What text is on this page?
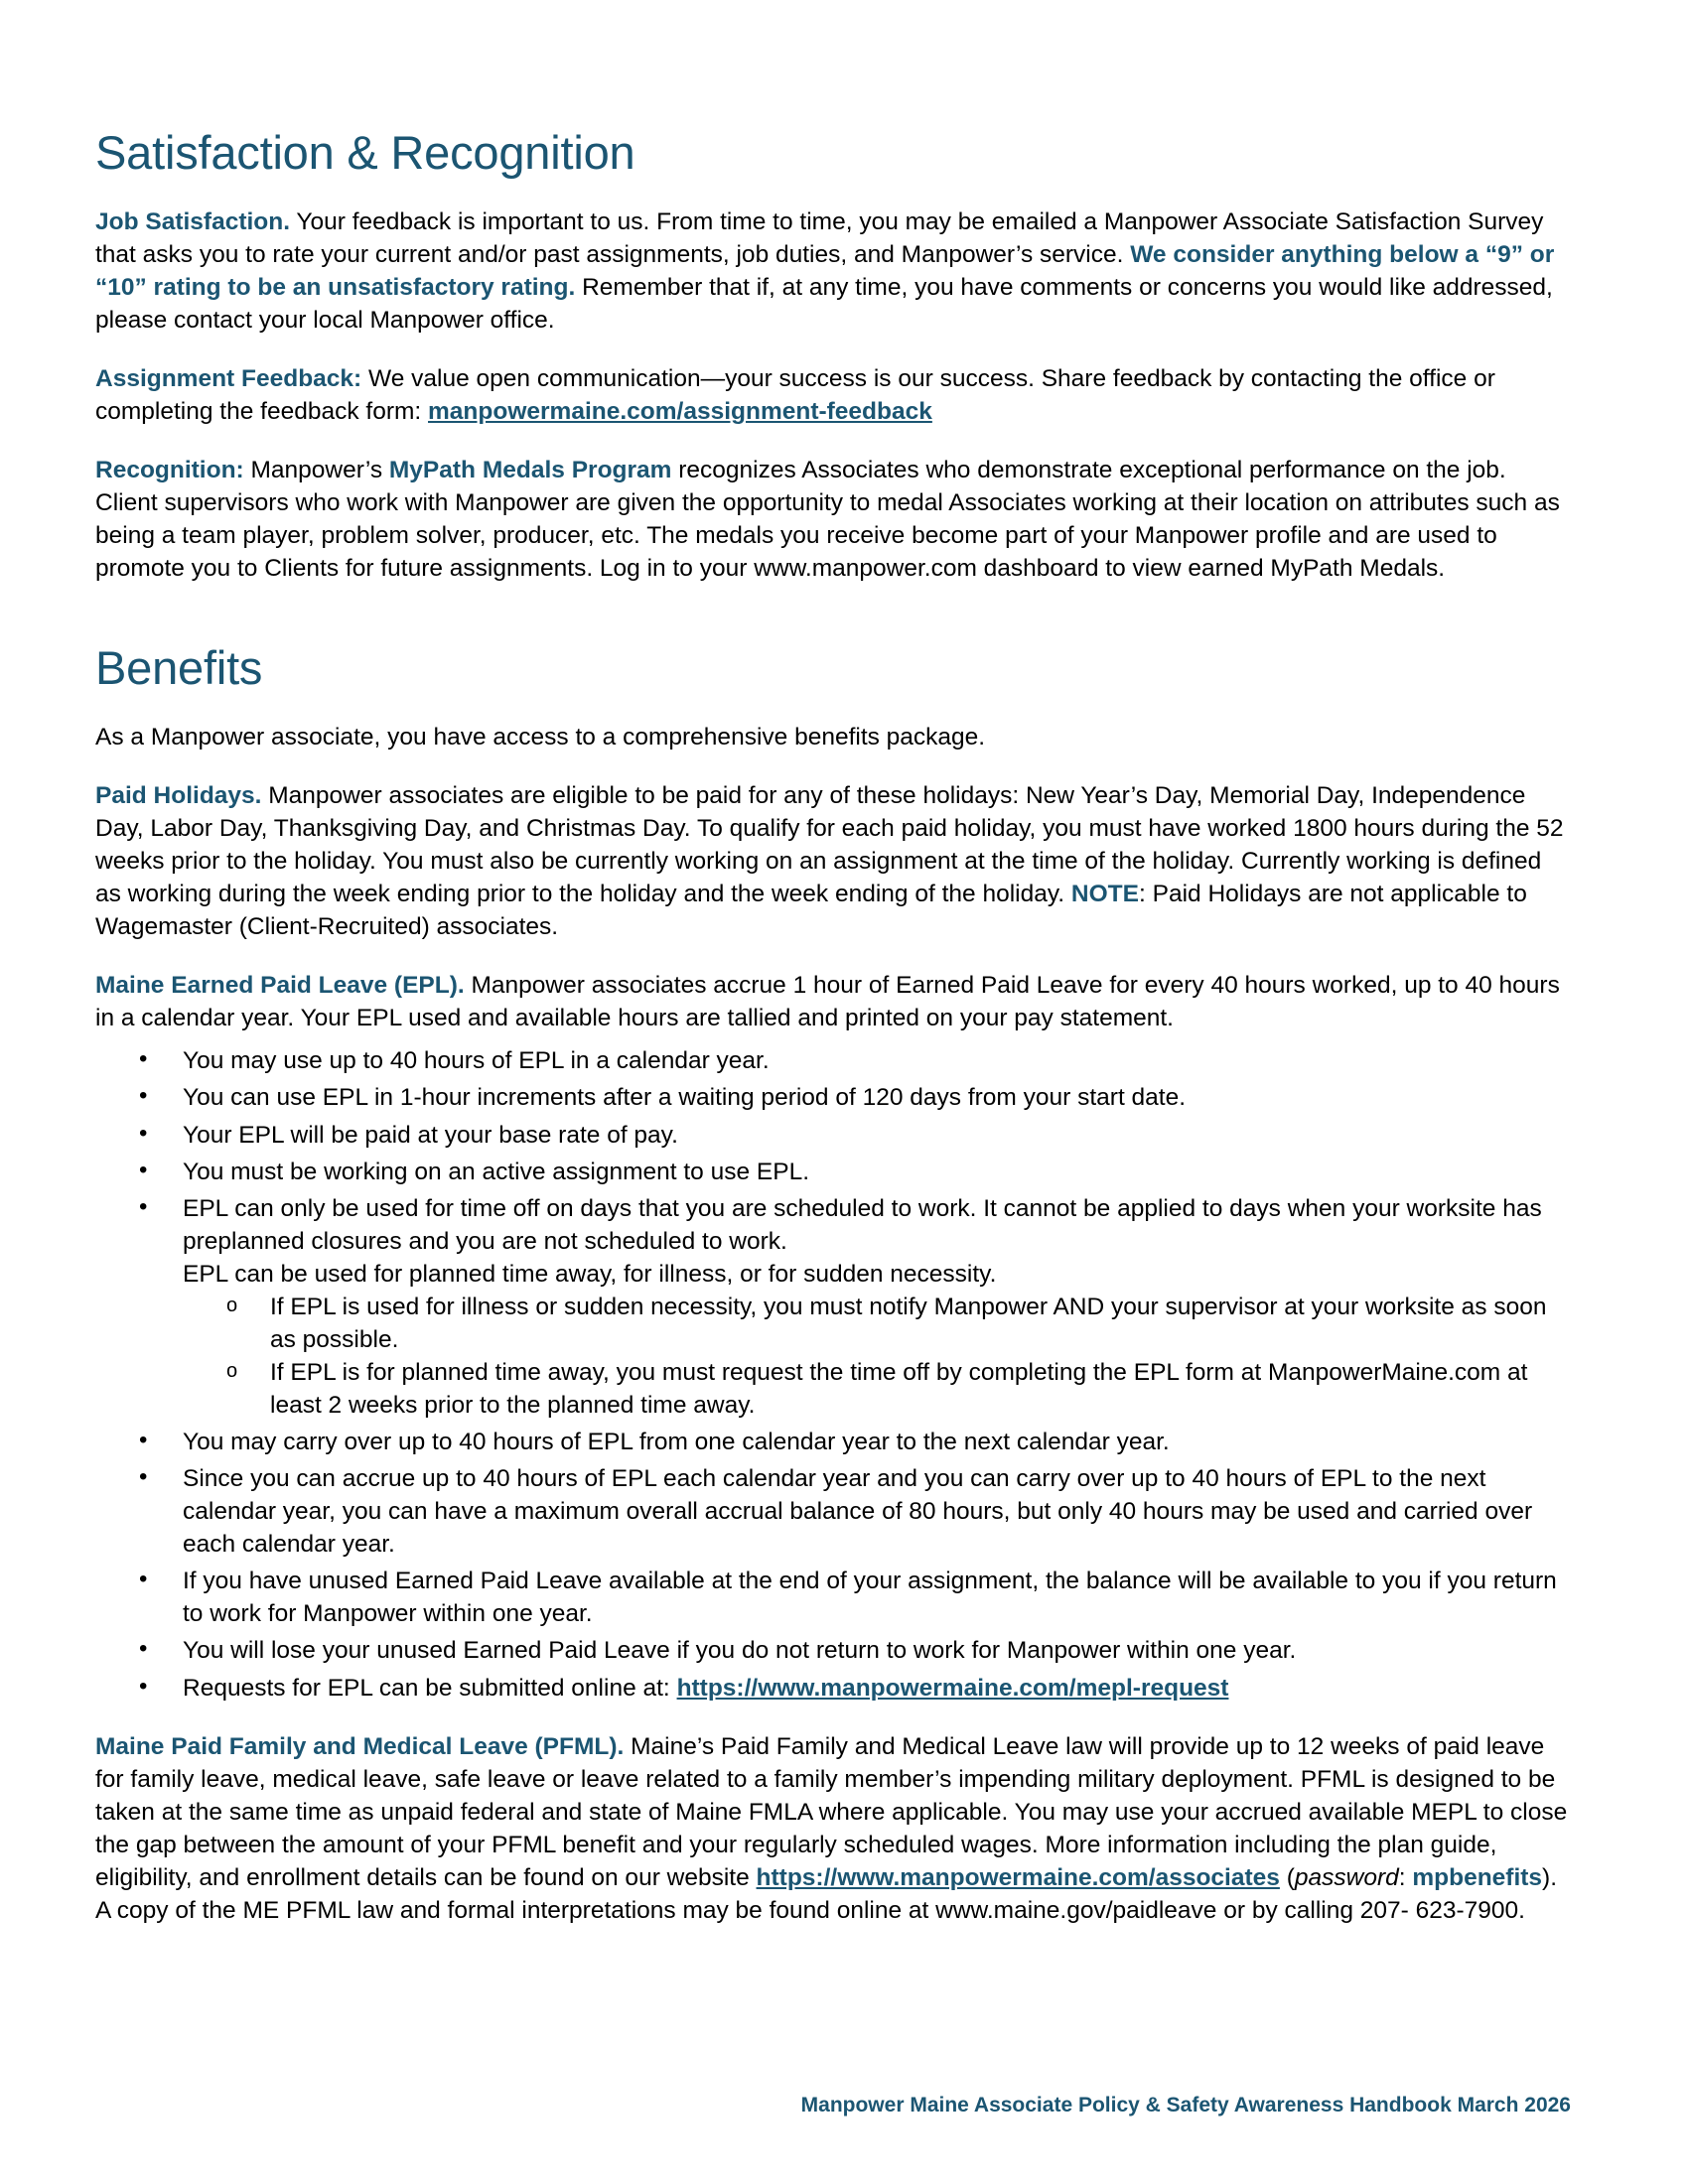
Satisfaction & Recognition

Job Satisfaction. Your feedback is important to us. From time to time, you may be emailed a Manpower Associate Satisfaction Survey that asks you to rate your current and/or past assignments, job duties, and Manpower’s service. We consider anything below a “9” or “10” rating to be an unsatisfactory rating. Remember that if, at any time, you have comments or concerns you would like addressed, please contact your local Manpower office.

Assignment Feedback: We value open communication—your success is our success. Share feedback by contacting the office or completing the feedback form: manpowermaine.com/assignment-feedback

Recognition: Manpower’s MyPath Medals Program recognizes Associates who demonstrate exceptional performance on the job. Client supervisors who work with Manpower are given the opportunity to medal Associates working at their location on attributes such as being a team player, problem solver, producer, etc. The medals you receive become part of your Manpower profile and are used to promote you to Clients for future assignments. Log in to your www.manpower.com dashboard to view earned MyPath Medals.

Benefits

As a Manpower associate, you have access to a comprehensive benefits package.

Paid Holidays. Manpower associates are eligible to be paid for any of these holidays: New Year’s Day, Memorial Day, Independence Day, Labor Day, Thanksgiving Day, and Christmas Day. To qualify for each paid holiday, you must have worked 1800 hours during the 52 weeks prior to the holiday. You must also be currently working on an assignment at the time of the holiday. Currently working is defined as working during the week ending prior to the holiday and the week ending of the holiday. NOTE: Paid Holidays are not applicable to Wagemaster (Client-Recruited) associates.

Maine Earned Paid Leave (EPL). Manpower associates accrue 1 hour of Earned Paid Leave for every 40 hours worked, up to 40 hours in a calendar year. Your EPL used and available hours are tallied and printed on your pay statement.

• You may use up to 40 hours of EPL in a calendar year.
• You can use EPL in 1-hour increments after a waiting period of 120 days from your start date.
• Your EPL will be paid at your base rate of pay.
• You must be working on an active assignment to use EPL.
• EPL can only be used for time off on days that you are scheduled to work. It cannot be applied to days when your worksite has preplanned closures and you are not scheduled to work.
EPL can be used for planned time away, for illness, or for sudden necessity.
o If EPL is used for illness or sudden necessity, you must notify Manpower AND your supervisor at your worksite as soon as possible.
o If EPL is for planned time away, you must request the time off by completing the EPL form at ManpowerMaine.com at least 2 weeks prior to the planned time away.
• You may carry over up to 40 hours of EPL from one calendar year to the next calendar year.
• Since you can accrue up to 40 hours of EPL each calendar year and you can carry over up to 40 hours of EPL to the next calendar year, you can have a maximum overall accrual balance of 80 hours, but only 40 hours may be used and carried over each calendar year.
• If you have unused Earned Paid Leave available at the end of your assignment, the balance will be available to you if you return to work for Manpower within one year.
• You will lose your unused Earned Paid Leave if you do not return to work for Manpower within one year.
• Requests for EPL can be submitted online at: https://www.manpowermaine.com/mepl-request

Maine Paid Family and Medical Leave (PFML). Maine’s Paid Family and Medical Leave law will provide up to 12 weeks of paid leave for family leave, medical leave, safe leave or leave related to a family member’s impending military deployment. PFML is designed to be taken at the same time as unpaid federal and state of Maine FMLA where applicable. You may use your accrued available MEPL to close the gap between the amount of your PFML benefit and your regularly scheduled wages. More information including the plan guide, eligibility, and enrollment details can be found on our website https://www.manpowermaine.com/associates (password: mpbenefits). A copy of the ME PFML law and formal interpretations may be found online at www.maine.gov/paidleave or by calling 207- 623-7900.

Manpower Maine Associate Policy & Safety Awareness Handbook March 2026
